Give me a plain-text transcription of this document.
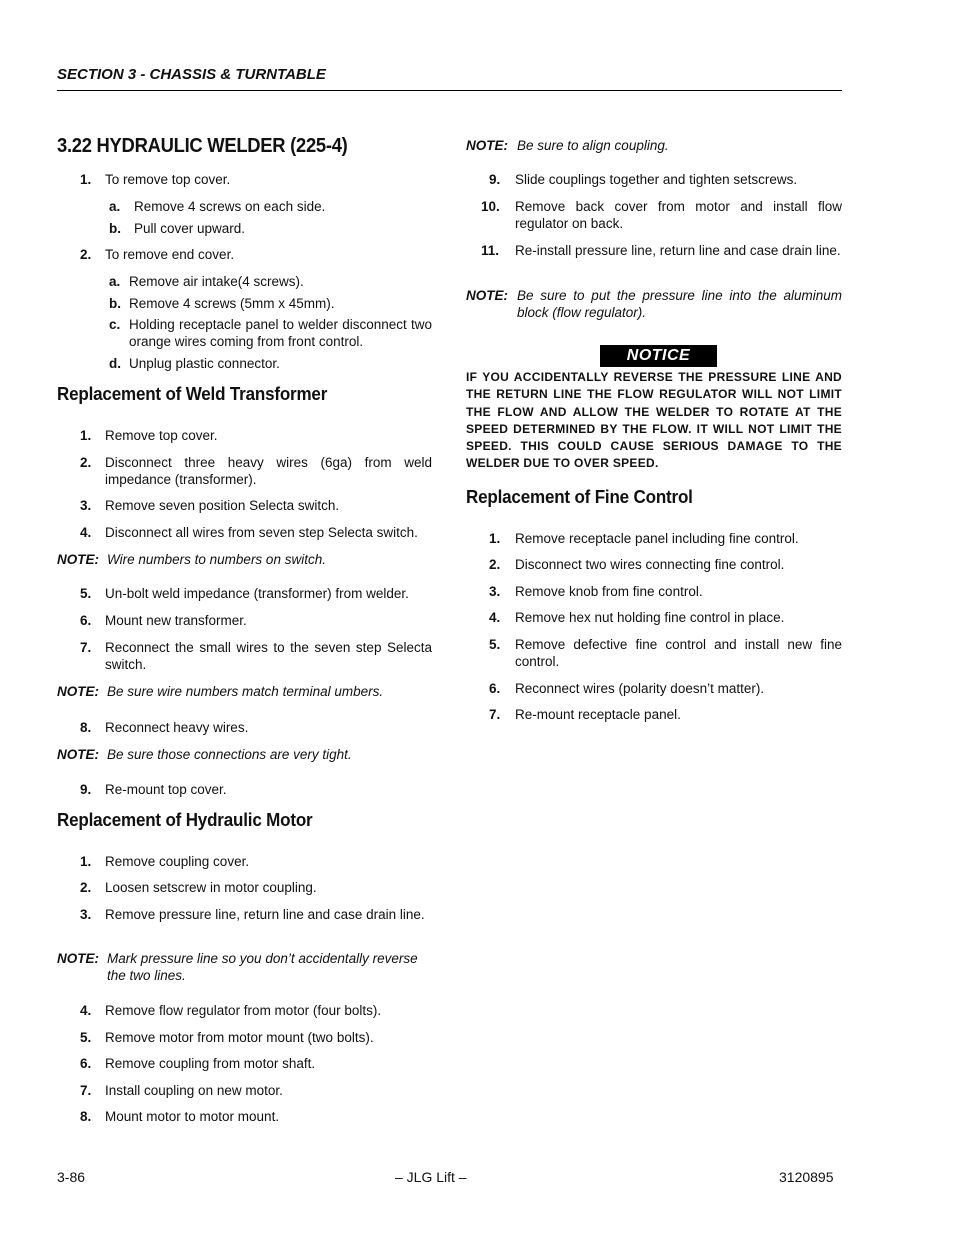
SECTION 3 - CHASSIS & TURNTABLE
3.22 HYDRAULIC WELDER (225-4)
1. To remove top cover.
a. Remove 4 screws on each side.
b. Pull cover upward.
2. To remove end cover.
a. Remove air intake(4 screws).
b. Remove 4 screws (5mm x 45mm).
c. Holding receptacle panel to welder disconnect two orange wires coming from front control.
d. Unplug plastic connector.
Replacement of Weld Transformer
1. Remove top cover.
2. Disconnect three heavy wires (6ga) from weld impedance (transformer).
3. Remove seven position Selecta switch.
4. Disconnect all wires from seven step Selecta switch.
NOTE: Wire numbers to numbers on switch.
5. Un-bolt weld impedance (transformer) from welder.
6. Mount new transformer.
7. Reconnect the small wires to the seven step Selecta switch.
NOTE: Be sure wire numbers match terminal umbers.
8. Reconnect heavy wires.
NOTE: Be sure those connections are very tight.
9. Re-mount top cover.
Replacement of Hydraulic Motor
1. Remove coupling cover.
2. Loosen setscrew in motor coupling.
3. Remove pressure line, return line and case drain line.
NOTE: Mark pressure line so you don’t accidentally reverse the two lines.
4. Remove flow regulator from motor (four bolts).
5. Remove motor from motor mount (two bolts).
6. Remove coupling from motor shaft.
7. Install coupling on new motor.
8. Mount motor to motor mount.
NOTE: Be sure to align coupling.
9. Slide couplings together and tighten setscrews.
10. Remove back cover from motor and install flow regulator on back.
11. Re-install pressure line, return line and case drain line.
NOTE: Be sure to put the pressure line into the aluminum block (flow regulator).
NOTICE
IF YOU ACCIDENTALLY REVERSE THE PRESSURE LINE AND THE RETURN LINE THE FLOW REGULATOR WILL NOT LIMIT THE FLOW AND ALLOW THE WELDER TO ROTATE AT THE SPEED DETERMINED BY THE FLOW. IT WILL NOT LIMIT THE SPEED. THIS COULD CAUSE SERIOUS DAMAGE TO THE WELDER DUE TO OVER SPEED.
Replacement of Fine Control
1. Remove receptacle panel including fine control.
2. Disconnect two wires connecting fine control.
3. Remove knob from fine control.
4. Remove hex nut holding fine control in place.
5. Remove defective fine control and install new fine control.
6. Reconnect wires (polarity doesn’t matter).
7. Re-mount receptacle panel.
3-86	– JLG Lift –	3120895
